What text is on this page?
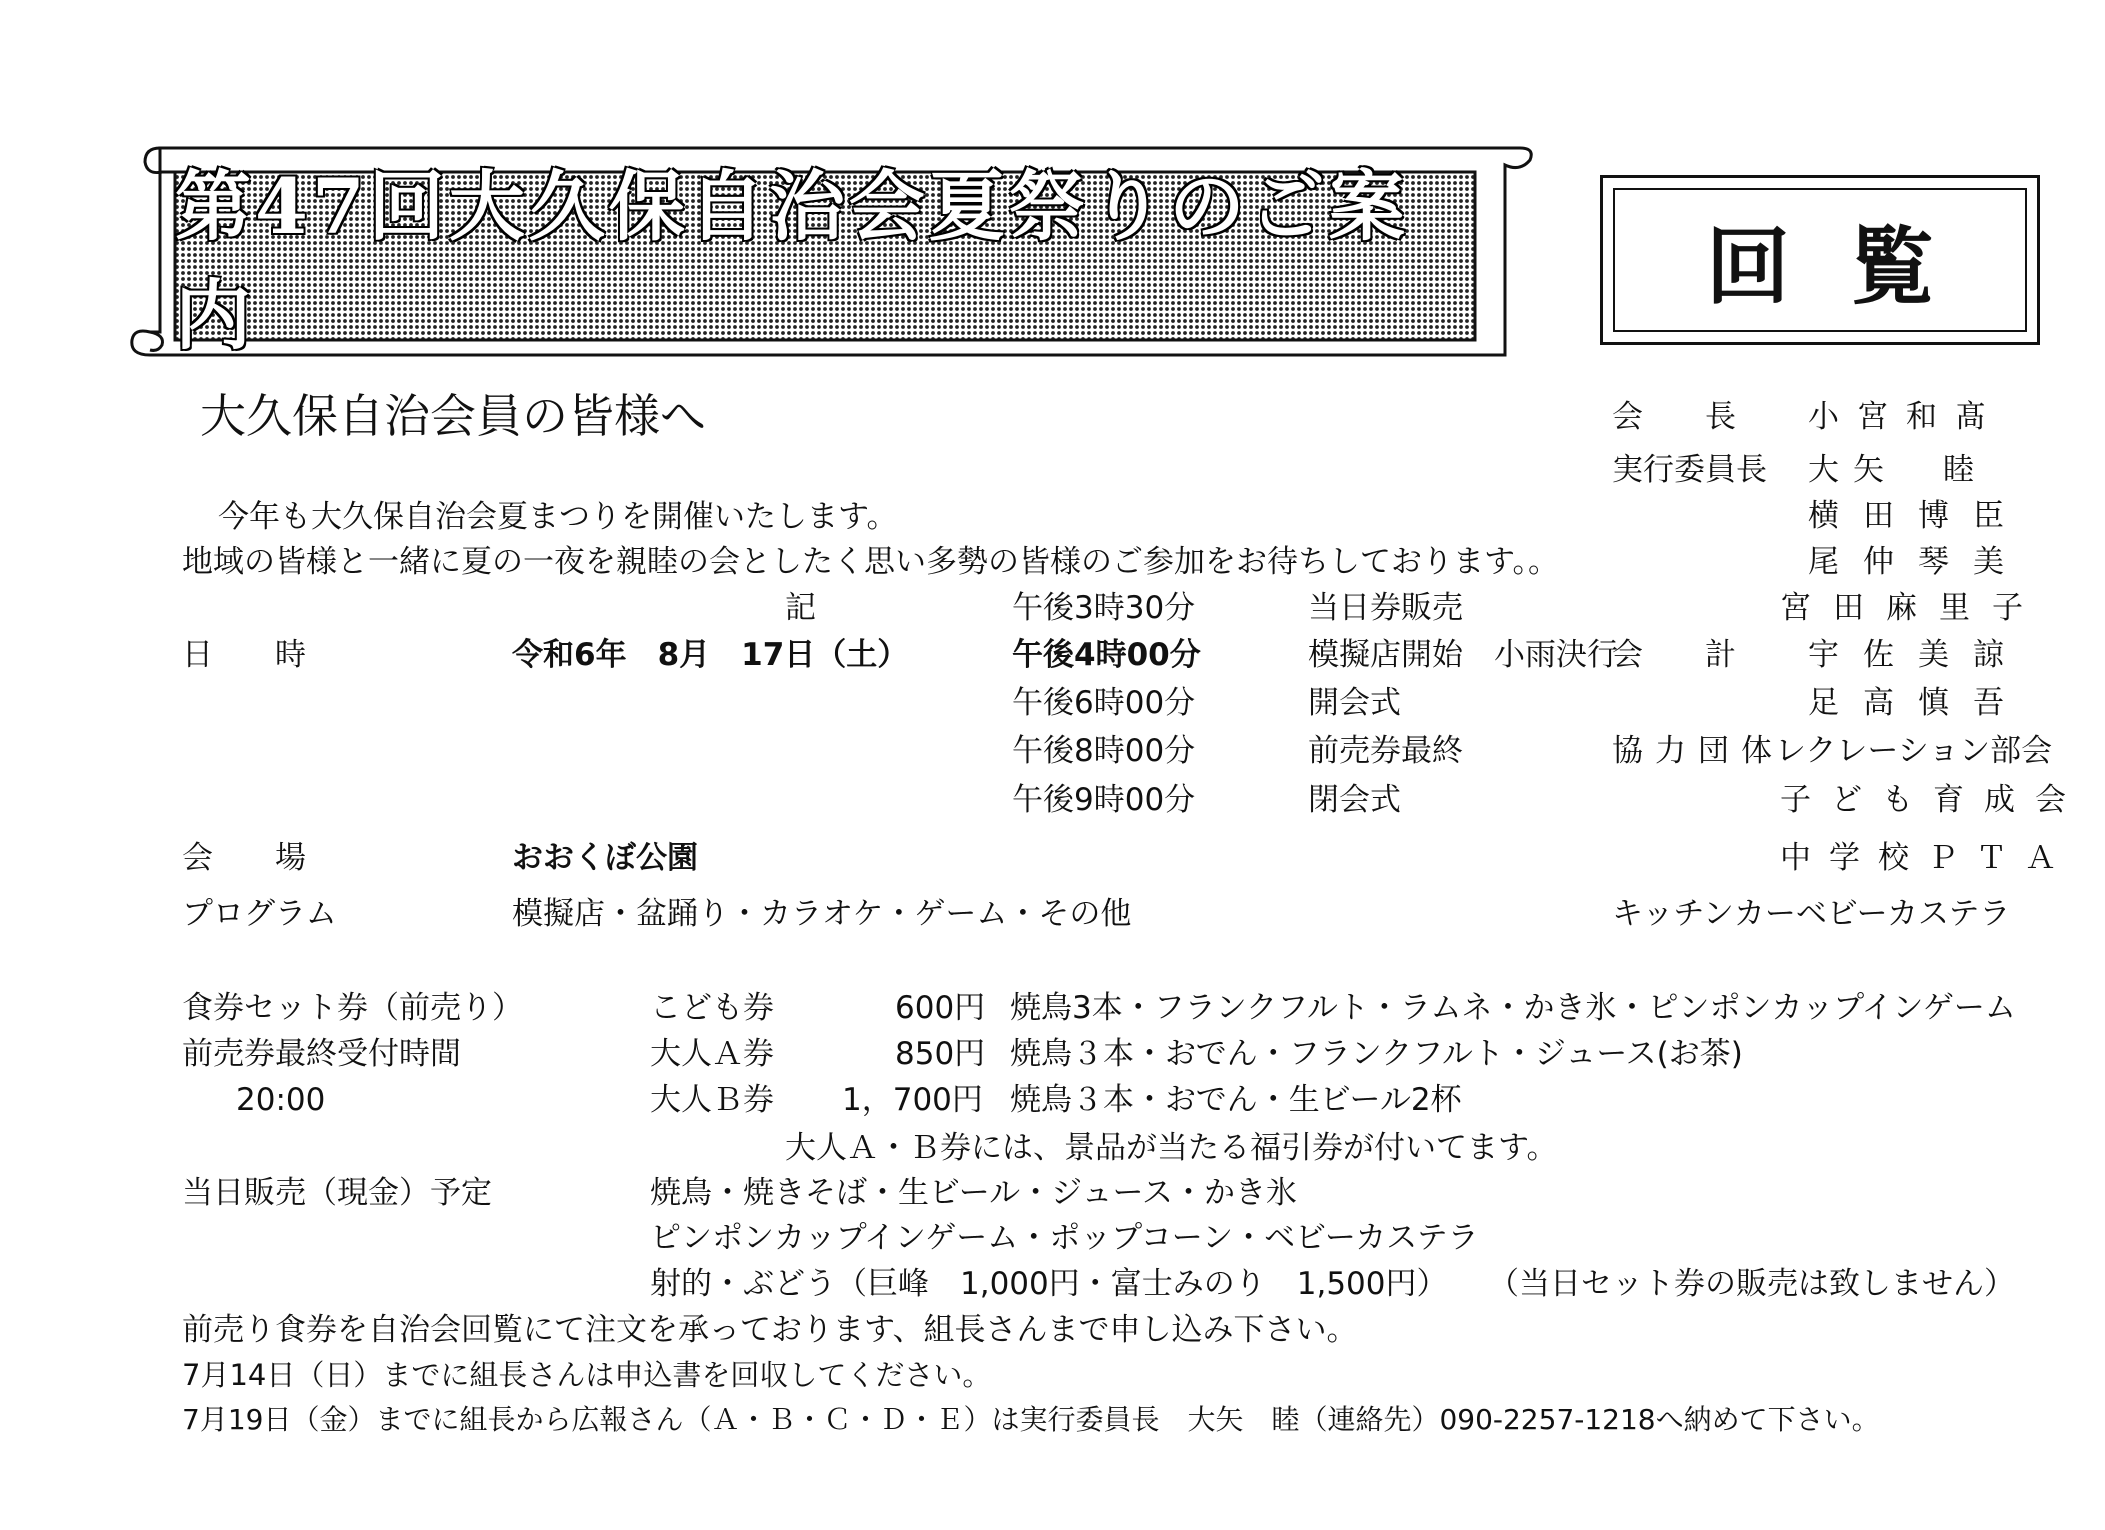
第47回大久保自治会夏祭りのご案内	回覧
大久保自治会員の皆様へ
今年も大久保自治会夏まつりを開催いたします。
地域の皆様と一緒に夏の一夜を親睦の会としたく思い多勢の皆様のご参加をお待ちしております。。
記
日　　時	令和6年　8月　17日（土）
午後3時30分	当日券販売
午後4時00分	模擬店開始　小雨決行
午後6時00分	開会式
午後8時00分	前売券最終
午後9時00分	閉会式
会　　場	おおくぼ公園
プログラム	模擬店・盆踊り・カラオケ・ゲーム・その他
会　　長 小宮和髙
実行委員長 大矢　睦
横田博臣
尾仲琴美
宮田麻里子
会　　計 宇佐美諒
足高慎吾
協力団体
レクレーション部会
子ども育成会
中学校ＰＴＡ
キッチンカーベビーカステラ
食券セット券（前売り）
前売券最終受付時間
20:00
こども券	600円 焼鳥3本・フランクフルト・ラムネ・かき氷・ピンポンカップインゲーム
大人Ａ券	850円 焼鳥３本・おでん・フランクフルト・ジュース(お茶)
大人Ｂ券 1，700円 焼鳥３本・おでん・生ビール2杯
大人Ａ・Ｂ券には、景品が当たる福引券が付いてます。
当日販売（現金）予定	焼鳥・焼きそば・生ビール・ジュース・かき氷
ピンポンカップインゲーム・ポップコーン・ベビーカステラ
射的・ぶどう（巨峰　1,000円・富士みのり　1,500円） （当日セット券の販売は致しません）
前売り食券を自治会回覧にて注文を承っております、組長さんまで申し込み下さい。
7月14日（日）までに組長さんは申込書を回収してください。
7月19日（金）までに組長から広報さん（Ａ・Ｂ・Ｃ・Ｄ・Ｅ）は実行委員長　大矢　睦（連絡先）090-2257-1218へ納めて下さい。
